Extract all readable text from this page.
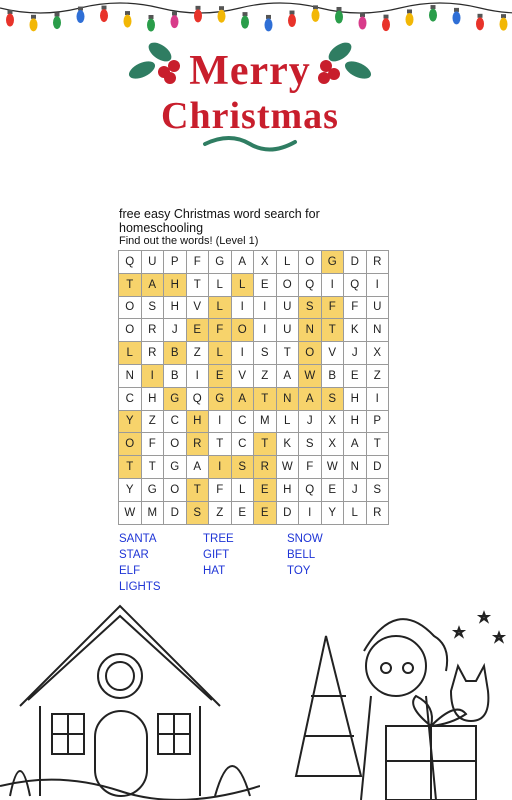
Merry
Christmas
free easy Christmas word search for homeschooling
Find out the words! (Level 1)
Q	U	P	F	G	A	X	L	O	G	D	R
T	A	H	T	L	L	E	O	Q	I	Q	I
O	S	H	V	L	I	I	U	S	F	F	U
O	R	J	E	F	O	I	U	N	T	K	N
L	R	B	Z	L	I	S	T	O	V	J	X
N	I	B	I	E	V	Z	A	W	B	E	Z
C	H	G	Q	G	A	T	N	A	S	H	I
Y	Z	C	H	I	C	M	L	J	X	H	P
O	F	O	R	T	C	T	K	S	X	A	T
T	T	G	A	I	S	R	W	F	W	N	D
Y	G	O	T	F	L	E	H	Q	E	J	S
W	M	D	S	Z	E	E	D	I	Y	L	R
SANTA	TREE	SNOW
STAR	GIFT	BELL
ELF	HAT	TOY
LIGHTS
